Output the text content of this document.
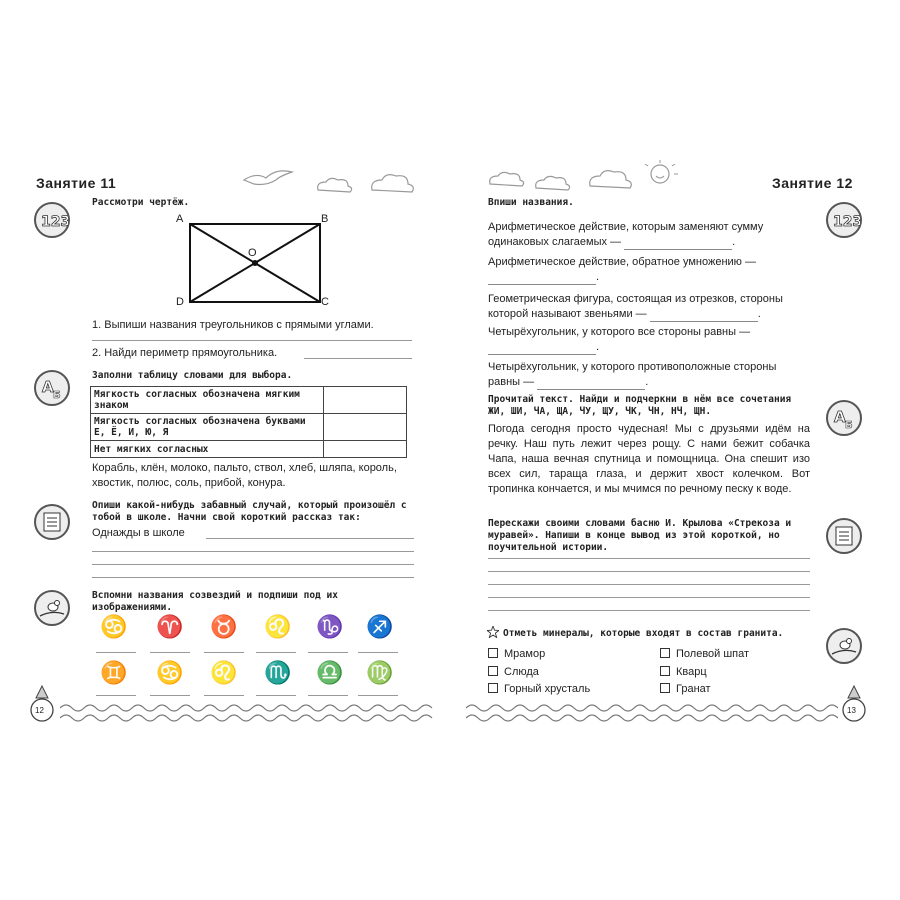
Занятие 11
123
A Б
Рассмотри чертёж.
A	B
C
D
O
1. Выпиши названия треугольников с прямыми углами.
2. Найди периметр прямоугольника.
Заполни таблицу словами для выбора.
Мягкость согласных обозначена мягким знаком	
Мягкость согласных обозначена буквами Е, Ё, И, Ю, Я	
Нет мягких согласных	
Корабль, клён, молоко, пальто, ствол, хлеб, шляпа, король, хвостик, полюс, соль, прибой, конура.
Опиши какой-нибудь забавный случай, который произошёл с тобой в школе. Начни свой короткий рассказ так:
Однажды в школе
Вспомни названия созвездий и подпиши под их изображениями.
♋ ♈ ♉ ♌ ♑ ♐
♊ ♋ ♌ ♏ ♎ ♍
12
Занятие 12
123
A Б
Впиши названия.
Арифметическое действие, которым заменяют сумму одинаковых слагаемых —	.
Арифметическое действие, обратное умножению — .
Геометрическая фигура, состоящая из отрезков, стороны которой называют звеньями —	.
Четырёхугольник, у которого все стороны равны — .
Четырёхугольник, у которого противоположные стороны равны —	.
Прочитай текст. Найди и подчеркни в нём все сочетания ЖИ, ШИ, ЧА, ЩА, ЧУ, ЩУ, ЧК, ЧН, НЧ, ЩН.
Погода сегодня просто чудесная! Мы с друзьями идём на речку. Наш путь лежит через рощу. С нами бежит собачка Чапа, наша вечная спутница и помощница. Она спешит изо всех сил, тараща глаза, и держит хвост колечком. Вот тропинка кончается, и мы мчимся по речному песку к воде.
Перескажи своими словами басню И. Крылова «Стрекоза и муравей». Напиши в конце вывод из этой короткой, но поучительной истории.
Отметь минералы, которые входят в состав гранита.
Мрамор
Слюда
Горный хрусталь
Полевой шпат
Кварц
Гранат
13
